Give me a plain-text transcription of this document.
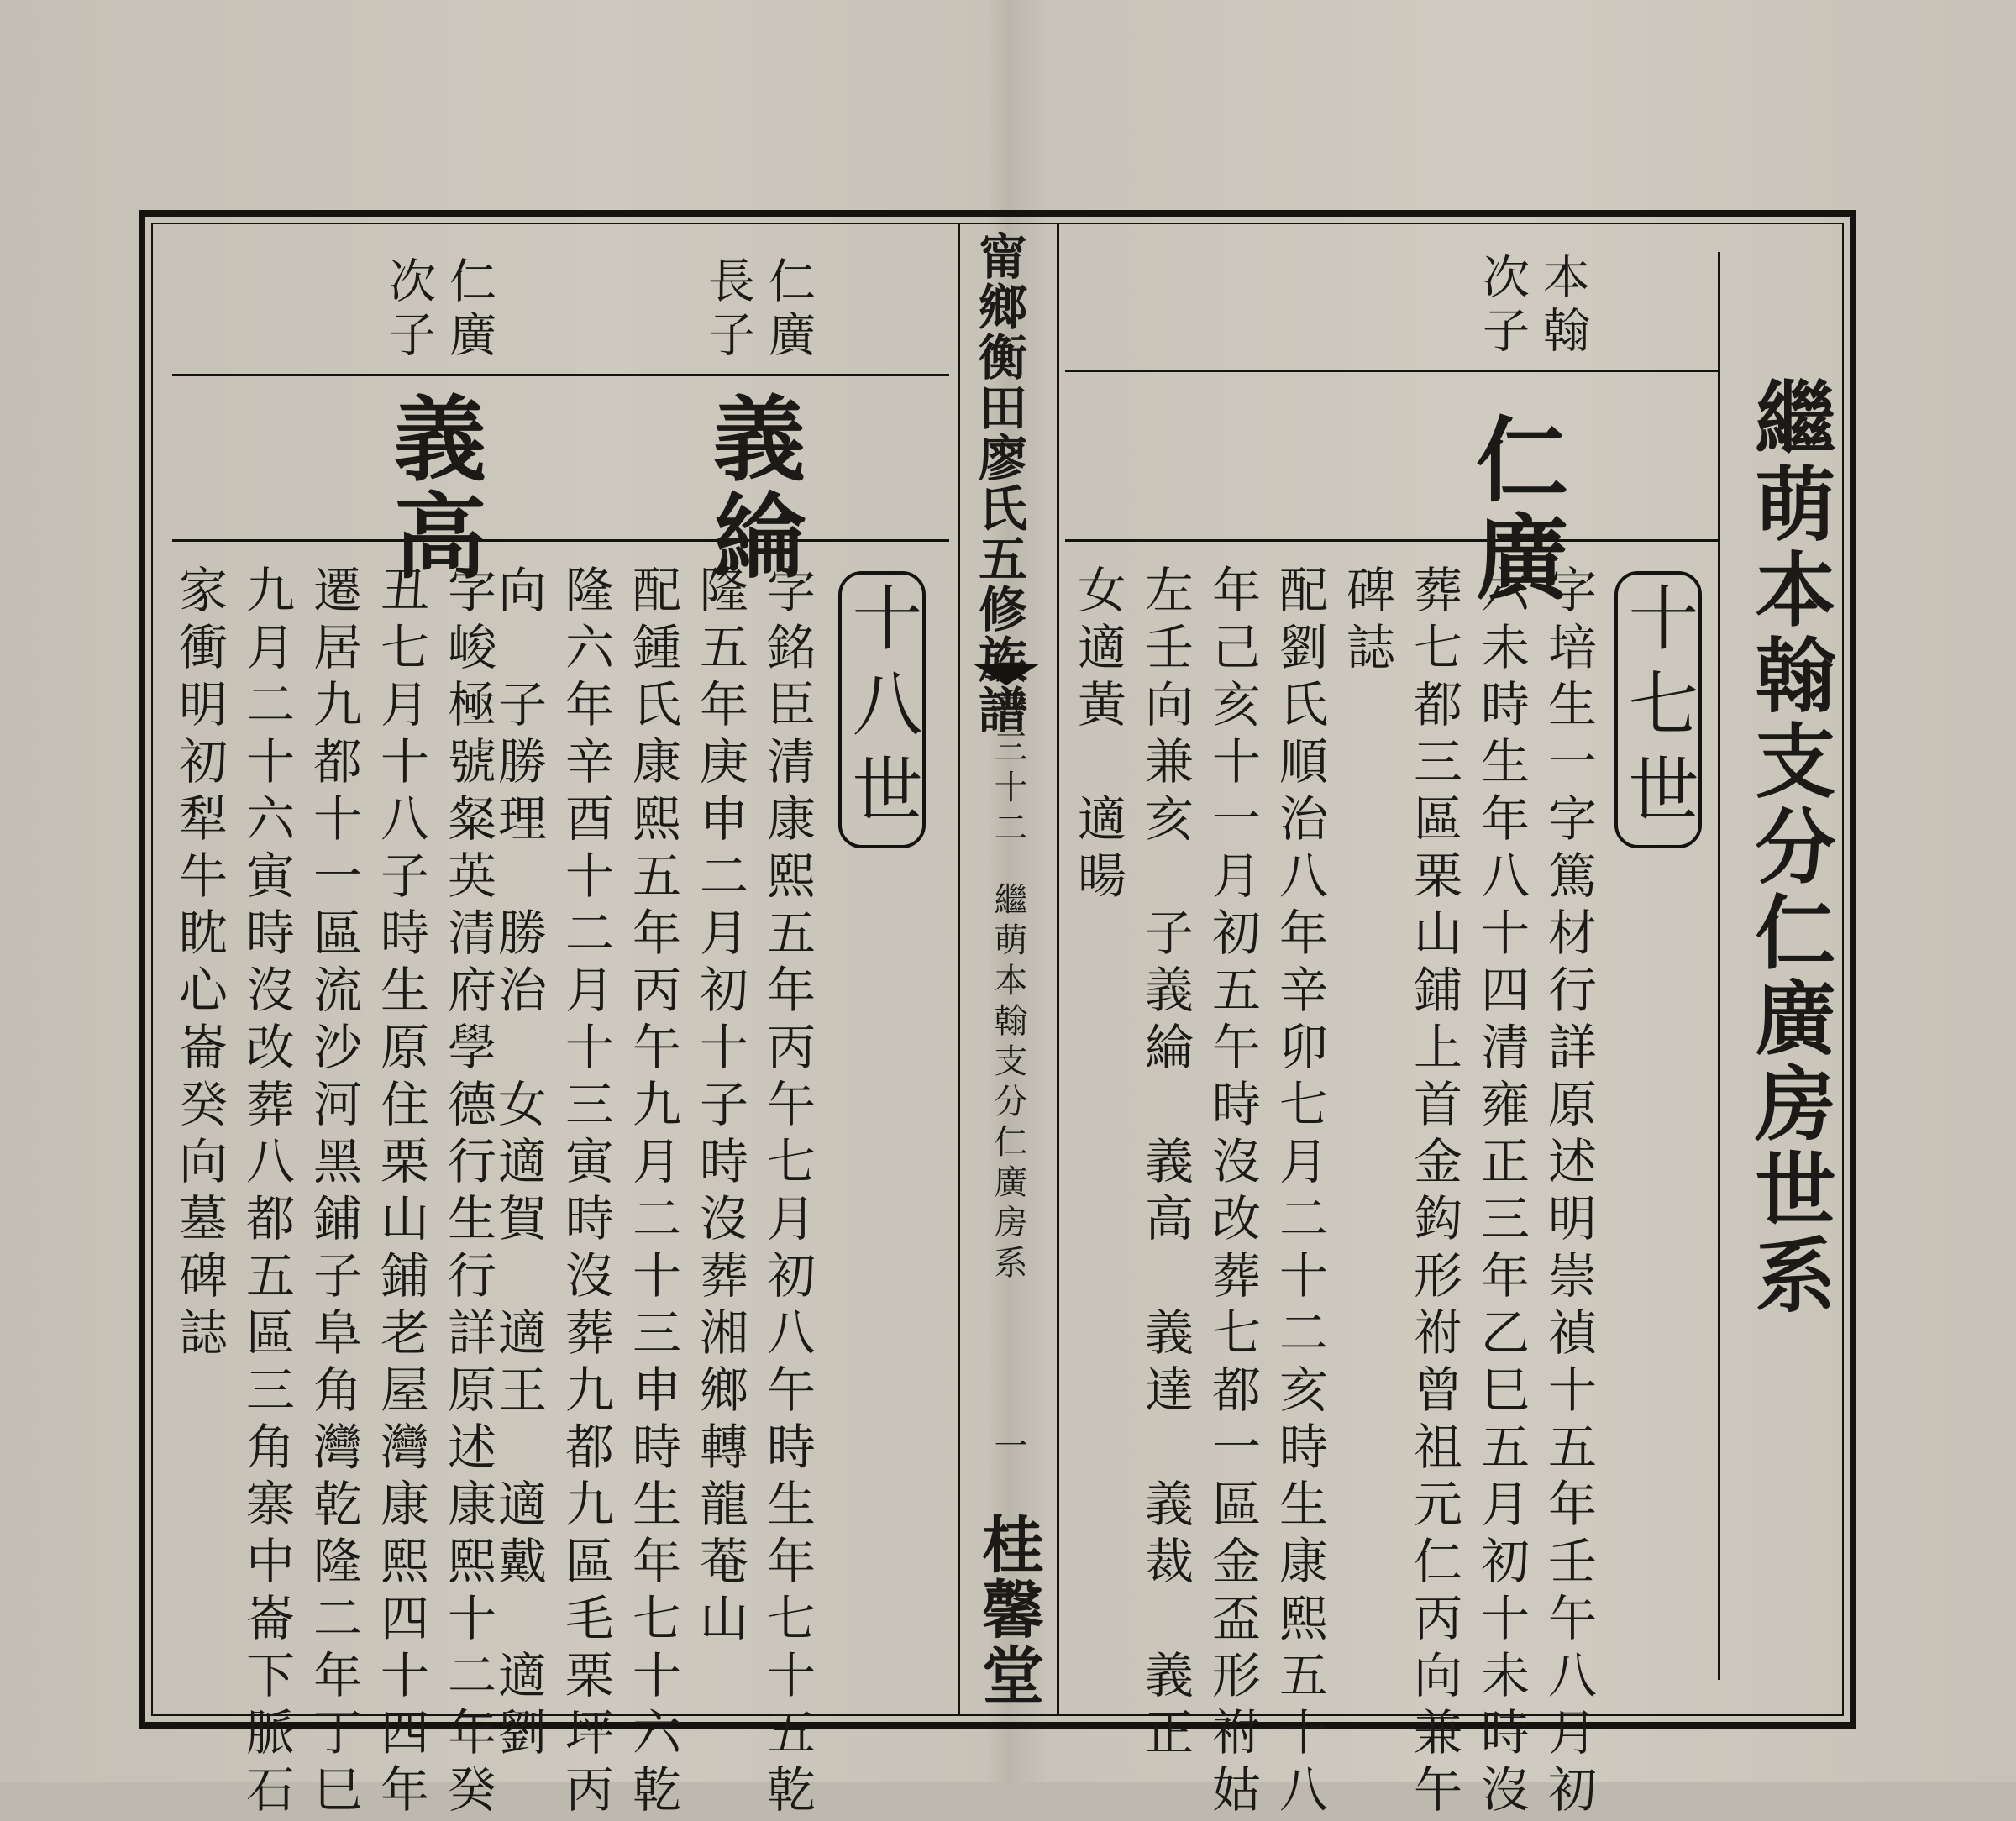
甯鄉衡田廖氏五修族譜
卷三十二
繼萌本翰支分仁廣房系
一
桂馨堂
繼萌本翰支分仁廣房世系
本翰
次子
仁廣
十七世
字培生一字篤材行詳原述明崇禎十五年壬午八月初
六未時生年八十四清雍正三年乙巳五月初十未時沒
葬七都三區栗山鋪上首金鈎形祔曾祖元仁丙向兼午
碑誌
配劉氏順治八年辛卯七月二十二亥時生康熙五十八
年己亥十一月初五午時沒改葬七都一區金盃形祔姑
左壬向兼亥　子義綸　義高　義達　義裁　義正
女適黃　適暘
仁廣
長子
義綸
仁廣
次子
義高
十八世
字銘臣清康熙五年丙午七月初八午時生年七十五乾
隆五年庚申二月初十子時沒葬湘鄉轉龍菴山
配鍾氏康熙五年丙午九月二十三申時生年七十六乾
隆六年辛酉十二月十三寅時沒葬九都九區毛栗坪丙
向　子勝理　勝治　女適賀　適王　適戴　適劉
字峻極號粲英清府學德行生行詳原述康熙十二年癸
丑七月十八子時生原住栗山鋪老屋灣康熙四十四年
遷居九都十一區流沙河黑鋪子阜角灣乾隆二年丁巳
九月二十六寅時沒改葬八都五區三角寨中崙下脈石
家衝明初犁牛眈心崙癸向墓碑誌
